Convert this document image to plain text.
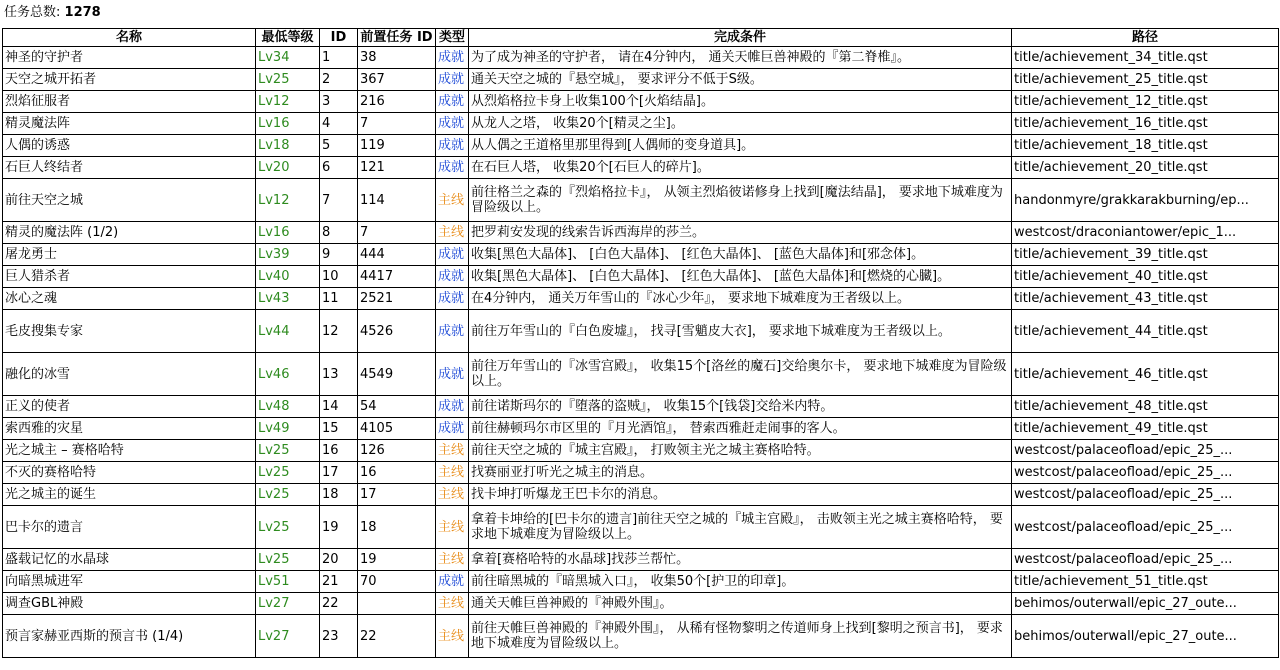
任务总数: 1278
名称	最低等级	ID	前置任务 ID	类型	完成条件	路径
神圣的守护者	Lv34	1	38	成就	为了成为神圣的守护者， 请在4分钟内， 通关天帷巨兽神殿的『第二脊椎』。	title/achievement_34_title.qst
天空之城开拓者	Lv25	2	367	成就	通关天空之城的『悬空城』， 要求评分不低于S级。	title/achievement_25_title.qst
烈焰征服者	Lv12	3	216	成就	从烈焰格拉卡身上收集100个[火焰结晶]。	title/achievement_12_title.qst
精灵魔法阵	Lv16	4	7	成就	从龙人之塔， 收集20个[精灵之尘]。	title/achievement_16_title.qst
人偶的诱惑	Lv18	5	119	成就	从人偶之王道格里那里得到[人偶师的变身道具]。	title/achievement_18_title.qst
石巨人终结者	Lv20	6	121	成就	在石巨人塔， 收集20个[石巨人的碎片]。	title/achievement_20_title.qst
前往天空之城	Lv12	7	114	主线	前往格兰之森的『烈焰格拉卡』， 从领主烈焰彼诺修身上找到[魔法结晶]， 要求地下城难度为冒险级以上。	handonmyre/grakkarakburning/ep...
精灵的魔法阵 (1/2)	Lv16	8	7	主线	把罗莉安发现的线索告诉西海岸的莎兰。	westcost/draconiantower/epic_1...
屠龙勇士	Lv39	9	444	成就	收集[黑色大晶体]、 [白色大晶体]、 [红色大晶体]、 [蓝色大晶体]和[邪念体]。	title/achievement_39_title.qst
巨人猎杀者	Lv40	10	4417	成就	收集[黑色大晶体]、 [白色大晶体]、 [红色大晶体]、 [蓝色大晶体]和[燃烧的心臓]。	title/achievement_40_title.qst
冰心之魂	Lv43	11	2521	成就	在4分钟内， 通关万年雪山的『冰心少年』， 要求地下城难度为王者级以上。	title/achievement_43_title.qst
毛皮搜集专家	Lv44	12	4526	成就	前往万年雪山的『白色废墟』， 找寻[雪魈皮大衣]， 要求地下城难度为王者级以上。	title/achievement_44_title.qst
融化的冰雪	Lv46	13	4549	成就	前往万年雪山的『冰雪宫殿』， 收集15个[洛丝的魔石]交给奥尔卡， 要求地下城难度为冒险级以上。	title/achievement_46_title.qst
正义的使者	Lv48	14	54	成就	前往诺斯玛尔的『堕落的盗贼』， 收集15个[钱袋]交给米内特。	title/achievement_48_title.qst
索西雅的灾星	Lv49	15	4105	成就	前往赫顿玛尔市区里的『月光酒馆』， 替索西雅赶走闹事的客人。	title/achievement_49_title.qst
光之城主 – 赛格哈特	Lv25	16	126	主线	前往天空之城的『城主宫殿』， 打败领主光之城主赛格哈特。	westcost/palaceofload/epic_25_...
不灭的赛格哈特	Lv25	17	16	主线	找赛丽亚打听光之城主的消息。	westcost/palaceofload/epic_25_...
光之城主的诞生	Lv25	18	17	主线	找卡坤打听爆龙王巴卡尔的消息。	westcost/palaceofload/epic_25_...
巴卡尔的遗言	Lv25	19	18	主线	拿着卡坤给的[巴卡尔的遗言]前往天空之城的『城主宫殿』， 击败领主光之城主赛格哈特， 要求地下城难度为冒险级以上。	westcost/palaceofload/epic_25_...
盛载记忆的水晶球	Lv25	20	19	主线	拿着[赛格哈特的水晶球]找莎兰帮忙。	westcost/palaceofload/epic_25_...
向暗黑城进军	Lv51	21	70	成就	前往暗黑城的『暗黑城入口』， 收集50个[护卫的印章]。	title/achievement_51_title.qst
调查GBL神殿	Lv27	22		主线	通关天帷巨兽神殿的『神殿外围』。	behimos/outerwall/epic_27_oute...
预言家赫亚西斯的预言书 (1/4)	Lv27	23	22	主线	前往天帷巨兽神殿的『神殿外围』， 从稀有怪物黎明之传道师身上找到[黎明之预言书]， 要求地下城难度为冒险级以上。	behimos/outerwall/epic_27_oute...
